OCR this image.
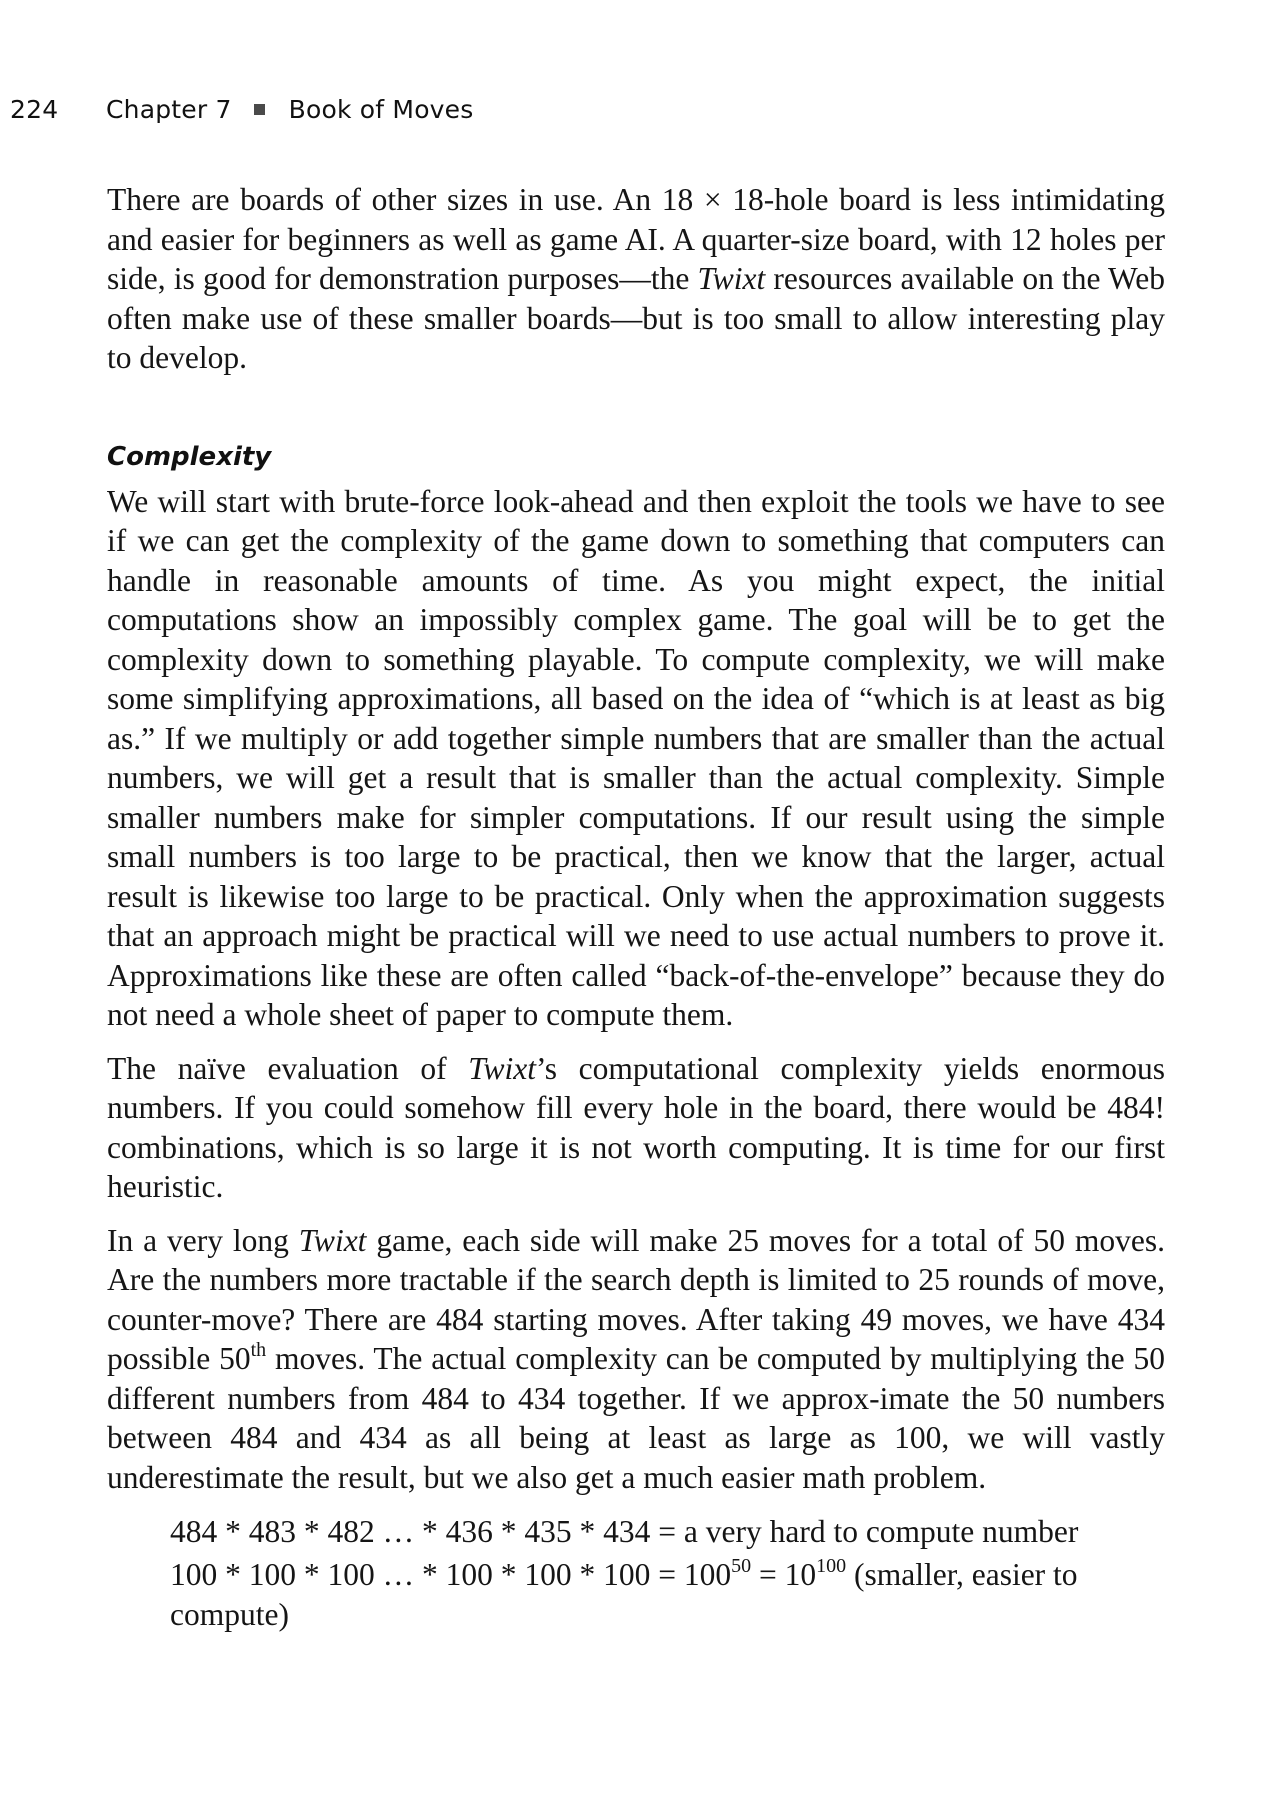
224	Chapter 7 Book of Moves

There are boards of other sizes in use. An 18 × 18-hole board is less intimidating and easier for beginners as well as game AI. A quarter-size board, with 12 holes per side, is good for demonstration purposes—the Twixt resources available on the Web often make use of these smaller boards—but is too small to allow interesting play to develop.

Complexity

We will start with brute-force look-ahead and then exploit the tools we have to see if we can get the complexity of the game down to something that computers can handle in reasonable amounts of time. As you might expect, the initial computations show an impossibly complex game. The goal will be to get the complexity down to something playable. To compute complexity, we will make some simplifying approximations, all based on the idea of “which is at least as big as.” If we multiply or add together simple numbers that are smaller than the actual numbers, we will get a result that is smaller than the actual complexity. Simple smaller numbers make for simpler computations. If our result using the simple small numbers is too large to be practical, then we know that the larger, actual result is likewise too large to be practical. Only when the approximation suggests that an approach might be practical will we need to use actual numbers to prove it. Approximations like these are often called “back-of-the-envelope” because they do not need a whole sheet of paper to compute them.

The naïve evaluation of Twixt’s computational complexity yields enormous numbers. If you could somehow fill every hole in the board, there would be 484! combinations, which is so large it is not worth computing. It is time for our first heuristic.

In a very long Twixt game, each side will make 25 moves for a total of 50 moves. Are the numbers more tractable if the search depth is limited to 25 rounds of move, counter-move? There are 484 starting moves. After taking 49 moves, we have 434 possible 50th moves. The actual complexity can be computed by multiplying the 50 different numbers from 484 to 434 together. If we approx-imate the 50 numbers between 484 and 434 as all being at least as large as 100, we will vastly underestimate the result, but we also get a much easier math problem.

484 * 483 * 482 … * 436 * 435 * 434 = a very hard to compute number
100 * 100 * 100 … * $100 * 100 * 100 = 100^{50} = 10^{100}$ (smaller, easier to compute)
